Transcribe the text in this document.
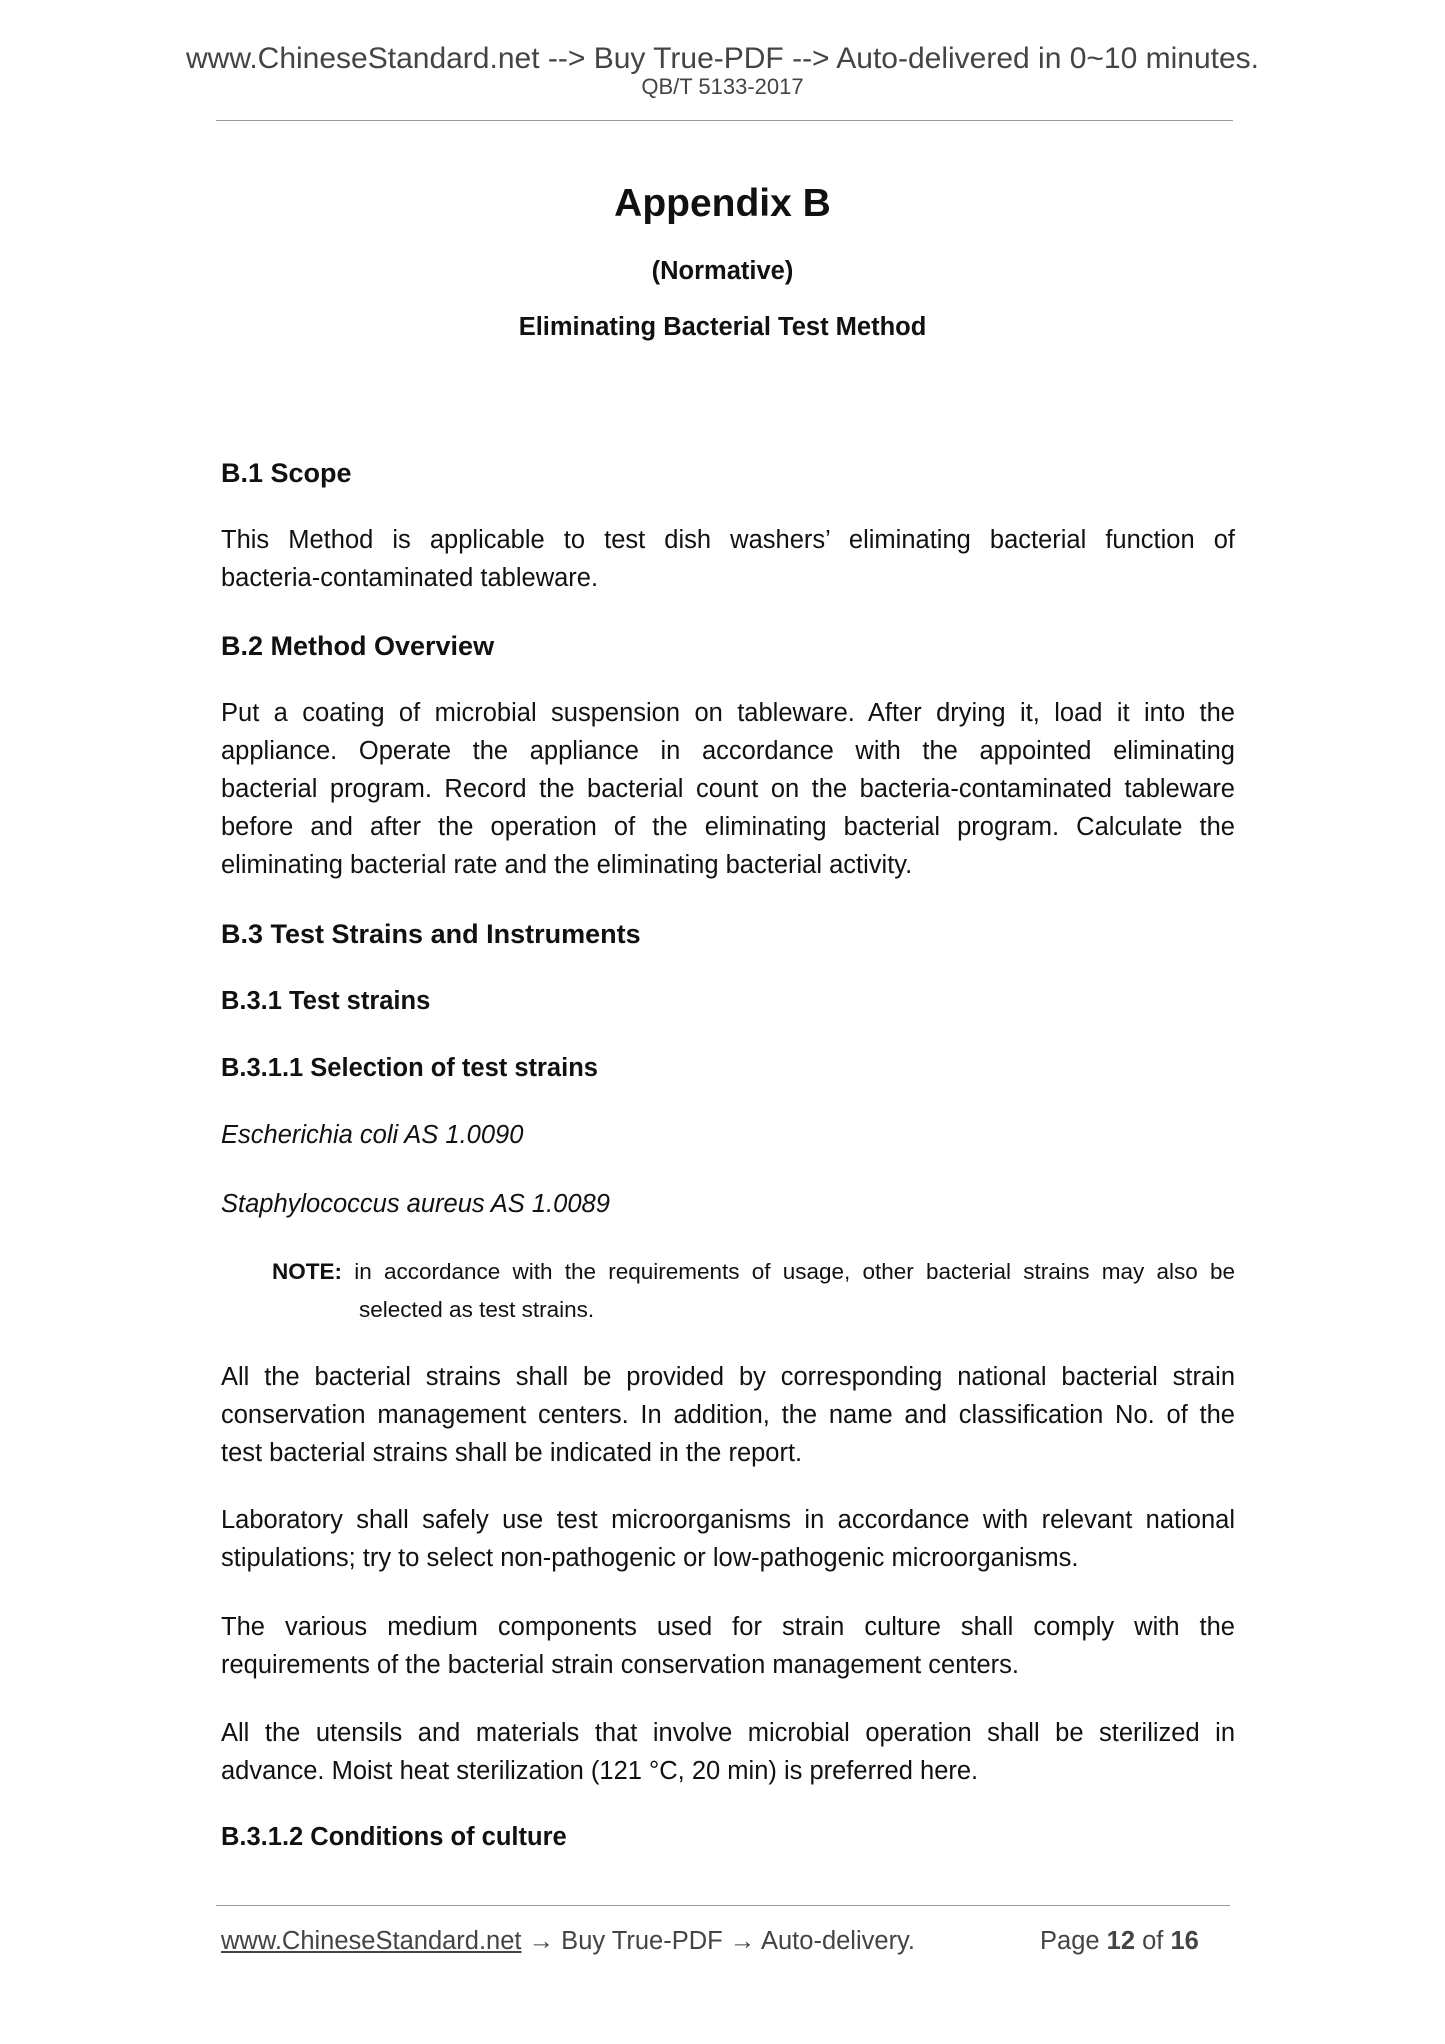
www.ChineseStandard.net --> Buy True-PDF --> Auto-delivered in 0~10 minutes.
QB/T 5133-2017
Appendix B
(Normative)
Eliminating Bacterial Test Method
B.1 Scope
This Method is applicable to test dish washers’ eliminating bacterial function of
bacteria-contaminated tableware.
B.2 Method Overview
Put a coating of microbial suspension on tableware. After drying it, load it into the
appliance. Operate the appliance in accordance with the appointed eliminating
bacterial program. Record the bacterial count on the bacteria-contaminated tableware
before and after the operation of the eliminating bacterial program. Calculate the
eliminating bacterial rate and the eliminating bacterial activity.
B.3 Test Strains and Instruments
B.3.1 Test strains
B.3.1.1 Selection of test strains
Escherichia coli AS 1.0090
Staphylococcus aureus AS 1.0089
NOTE: in accordance with the requirements of usage, other bacterial strains may also be
selected as test strains.
All the bacterial strains shall be provided by corresponding national bacterial strain
conservation management centers. In addition, the name and classification No. of the
test bacterial strains shall be indicated in the report.
Laboratory shall safely use test microorganisms in accordance with relevant national
stipulations; try to select non-pathogenic or low-pathogenic microorganisms.
The various medium components used for strain culture shall comply with the
requirements of the bacterial strain conservation management centers.
All the utensils and materials that involve microbial operation shall be sterilized in
advance. Moist heat sterilization (121 °C, 20 min) is preferred here.
B.3.1.2 Conditions of culture
www.ChineseStandard.net → Buy True-PDF → Auto-delivery.	Page 12 of 16
